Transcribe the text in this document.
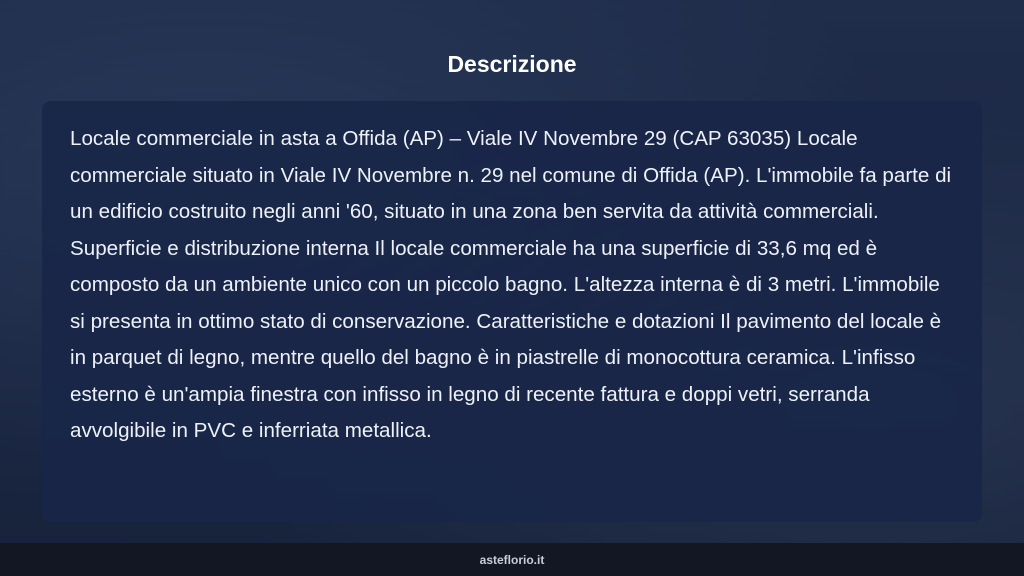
Descrizione

Locale commerciale in asta a Offida (AP) – Viale IV Novembre 29 (CAP 63035) Locale commerciale situato in Viale IV Novembre n. 29 nel comune di Offida (AP). L'immobile fa parte di un edificio costruito negli anni '60, situato in una zona ben servita da attività commerciali. Superficie e distribuzione interna Il locale commerciale ha una superficie di 33,6 mq ed è composto da un ambiente unico con un piccolo bagno. L'altezza interna è di 3 metri. L'immobile si presenta in ottimo stato di conservazione. Caratteristiche e dotazioni Il pavimento del locale è in parquet di legno, mentre quello del bagno è in piastrelle di monocottura ceramica. L'infisso esterno è un'ampia finestra con infisso in legno di recente fattura e doppi vetri, serranda avvolgibile in PVC e inferriata metallica.

asteflorio.it
